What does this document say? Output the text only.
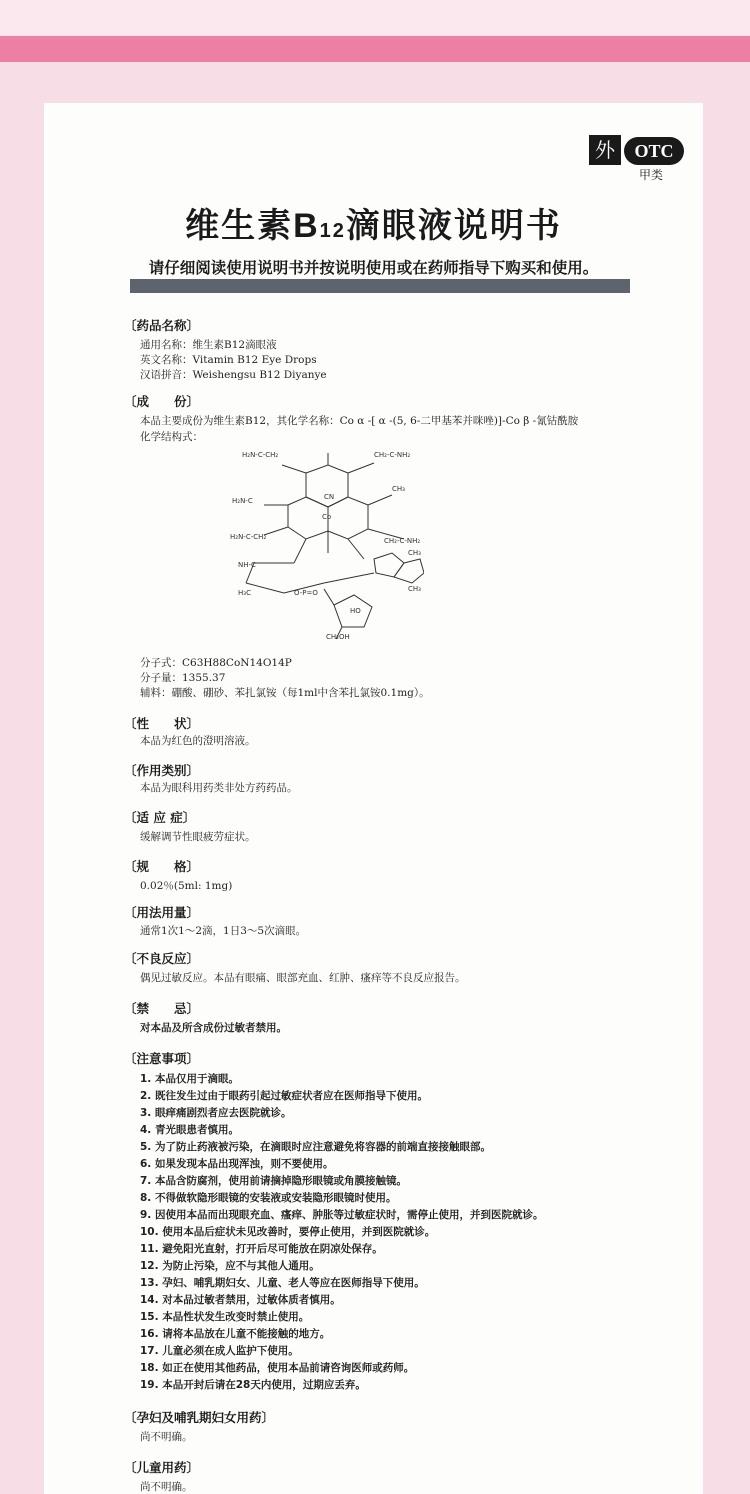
外	OTC
甲类
维生素B12滴眼液说明书
请仔细阅读使用说明书并按说明使用或在药师指导下购买和使用。
〔药品名称〕
通用名称：维生素B12滴眼液
英文名称：Vitamin B12 Eye Drops
汉语拼音：Weishengsu B12 Diyanye
〔成　　份〕
本品主要成份为维生素B12，其化学名称：Co α -[ α -(5, 6-二甲基苯并咪唑)]-Co β -氰钴酰胺
化学结构式：
H₂N-C-CH₂	CH₂-C-NH₂
H₂N-C
CH₃
H₂N-C-CH₂	CH₂-C-NH₂
Co
CN
NH-C
H₃C	O-P=O
CH₃
CH₃
CH₂OH
HO
分子式：C63H88CoN14O14P
分子量：1355.37
辅料：硼酸、硼砂、苯扎氯铵（每1ml中含苯扎氯铵0.1mg）。
〔性　　状〕
本品为红色的澄明溶液。
〔作用类别〕
本品为眼科用药类非处方药药品。
〔适 应 症〕
缓解调节性眼疲劳症状。
〔规　　格〕
0.02％(5ml: 1mg)
〔用法用量〕
通常1次1～2滴，1日3～5次滴眼。
〔不良反应〕
偶见过敏反应。本品有眼痛、眼部充血、红肿、瘙痒等不良反应报告。
〔禁　　忌〕
对本品及所含成份过敏者禁用。
〔注意事项〕
1. 本品仅用于滴眼。
2. 既往发生过由于眼药引起过敏症状者应在医师指导下使用。
3. 眼痒痛剧烈者应去医院就诊。
4. 青光眼患者慎用。
5. 为了防止药液被污染，在滴眼时应注意避免将容器的前端直接接触眼部。
6. 如果发现本品出现浑浊，则不要使用。
7. 本品含防腐剂，使用前请摘掉隐形眼镜或角膜接触镜。
8. 不得做软隐形眼镜的安装液或安装隐形眼镜时使用。
9. 因使用本品而出现眼充血、瘙痒、肿胀等过敏症状时，需停止使用，并到医院就诊。
10. 使用本品后症状未见改善时，要停止使用，并到医院就诊。
11. 避免阳光直射，打开后尽可能放在阴凉处保存。
12. 为防止污染，应不与其他人通用。
13. 孕妇、哺乳期妇女、儿童、老人等应在医师指导下使用。
14. 对本品过敏者禁用，过敏体质者慎用。
15. 本品性状发生改变时禁止使用。
16. 请将本品放在儿童不能接触的地方。
17. 儿童必须在成人监护下使用。
18. 如正在使用其他药品，使用本品前请咨询医师或药师。
19. 本品开封后请在28天内使用，过期应丢弃。
〔孕妇及哺乳期妇女用药〕
尚不明确。
〔儿童用药〕
尚不明确。
